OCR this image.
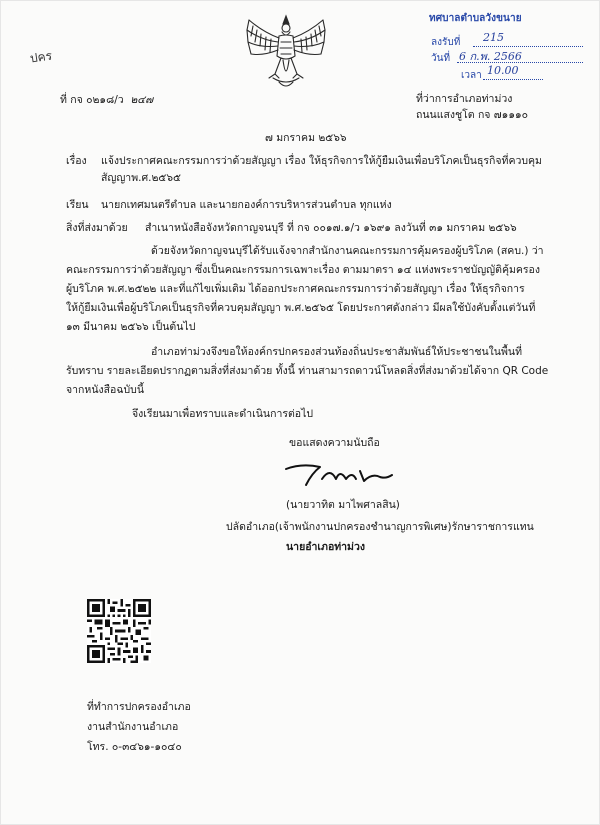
ปคร
ทศบาลตำบลวังขนาย
ลงรับที่ 215
วันที่ 6 ก.พ. 2566
เวลา 10.00
ที่ กจ ๐๒๑๘/ว ๒๔๗	ที่ว่าการอำเภอท่าม่วง
ถนนแสงชูโต กจ ๗๑๑๑๐
๗ มกราคม ๒๕๖๖
เรื่อง แจ้งประกาศคณะกรรมการว่าด้วยสัญญา เรื่อง ให้ธุรกิจการให้กู้ยืมเงินเพื่อบริโภคเป็นธุรกิจที่ควบคุม
สัญญาพ.ศ.๒๕๖๕
เรียน นายกเทศมนตรีตำบล และนายกองค์การบริหารส่วนตำบล ทุกแห่ง
สิ่งที่ส่งมาด้วย สำเนาหนังสือจังหวัดกาญจนบุรี ที่ กจ ๐๐๑๗.๑/ว ๑๖๙๑ ลงวันที่ ๓๑ มกราคม ๒๕๖๖
ด้วยจังหวัดกาญจนบุรีได้รับแจ้งจากสำนักงานคณะกรรมการคุ้มครองผู้บริโภค (สคบ.) ว่า
คณะกรรมการว่าด้วยสัญญา ซึ่งเป็นคณะกรรมการเฉพาะเรื่อง ตามมาตรา ๑๔ แห่งพระราชบัญญัติคุ้มครอง
ผู้บริโภค พ.ศ.๒๕๒๒ และที่แก้ไขเพิ่มเติม ได้ออกประกาศคณะกรรมการว่าด้วยสัญญา เรื่อง ให้ธุรกิจการ
ให้กู้ยืมเงินเพื่อผู้บริโภคเป็นธุรกิจที่ควบคุมสัญญา พ.ศ.๒๕๖๕ โดยประกาศดังกล่าว มีผลใช้บังคับตั้งแต่วันที่
๑๓ มีนาคม ๒๕๖๖ เป็นต้นไป
อำเภอท่าม่วงจึงขอให้องค์กรปกครองส่วนท้องถิ่นประชาสัมพันธ์ให้ประชาชนในพื้นที่
รับทราบ รายละเอียดปรากฏตามสิ่งที่ส่งมาด้วย ทั้งนี้ ท่านสามารถดาวน์โหลดสิ่งที่ส่งมาด้วยได้จาก QR Code
จากหนังสือฉบับนี้
จึงเรียนมาเพื่อทราบและดำเนินการต่อไป
ขอแสดงความนับถือ
(นายวาทิต มาไพศาลสิน)
ปลัดอำเภอ(เจ้าพนักงานปกครองชำนาญการพิเศษ)รักษาราชการแทน
นายอำเภอท่าม่วง
ที่ทำการปกครองอำเภอ
งานสำนักงานอำเภอ
โทร. ๐-๓๔๖๑-๑๐๔๐
